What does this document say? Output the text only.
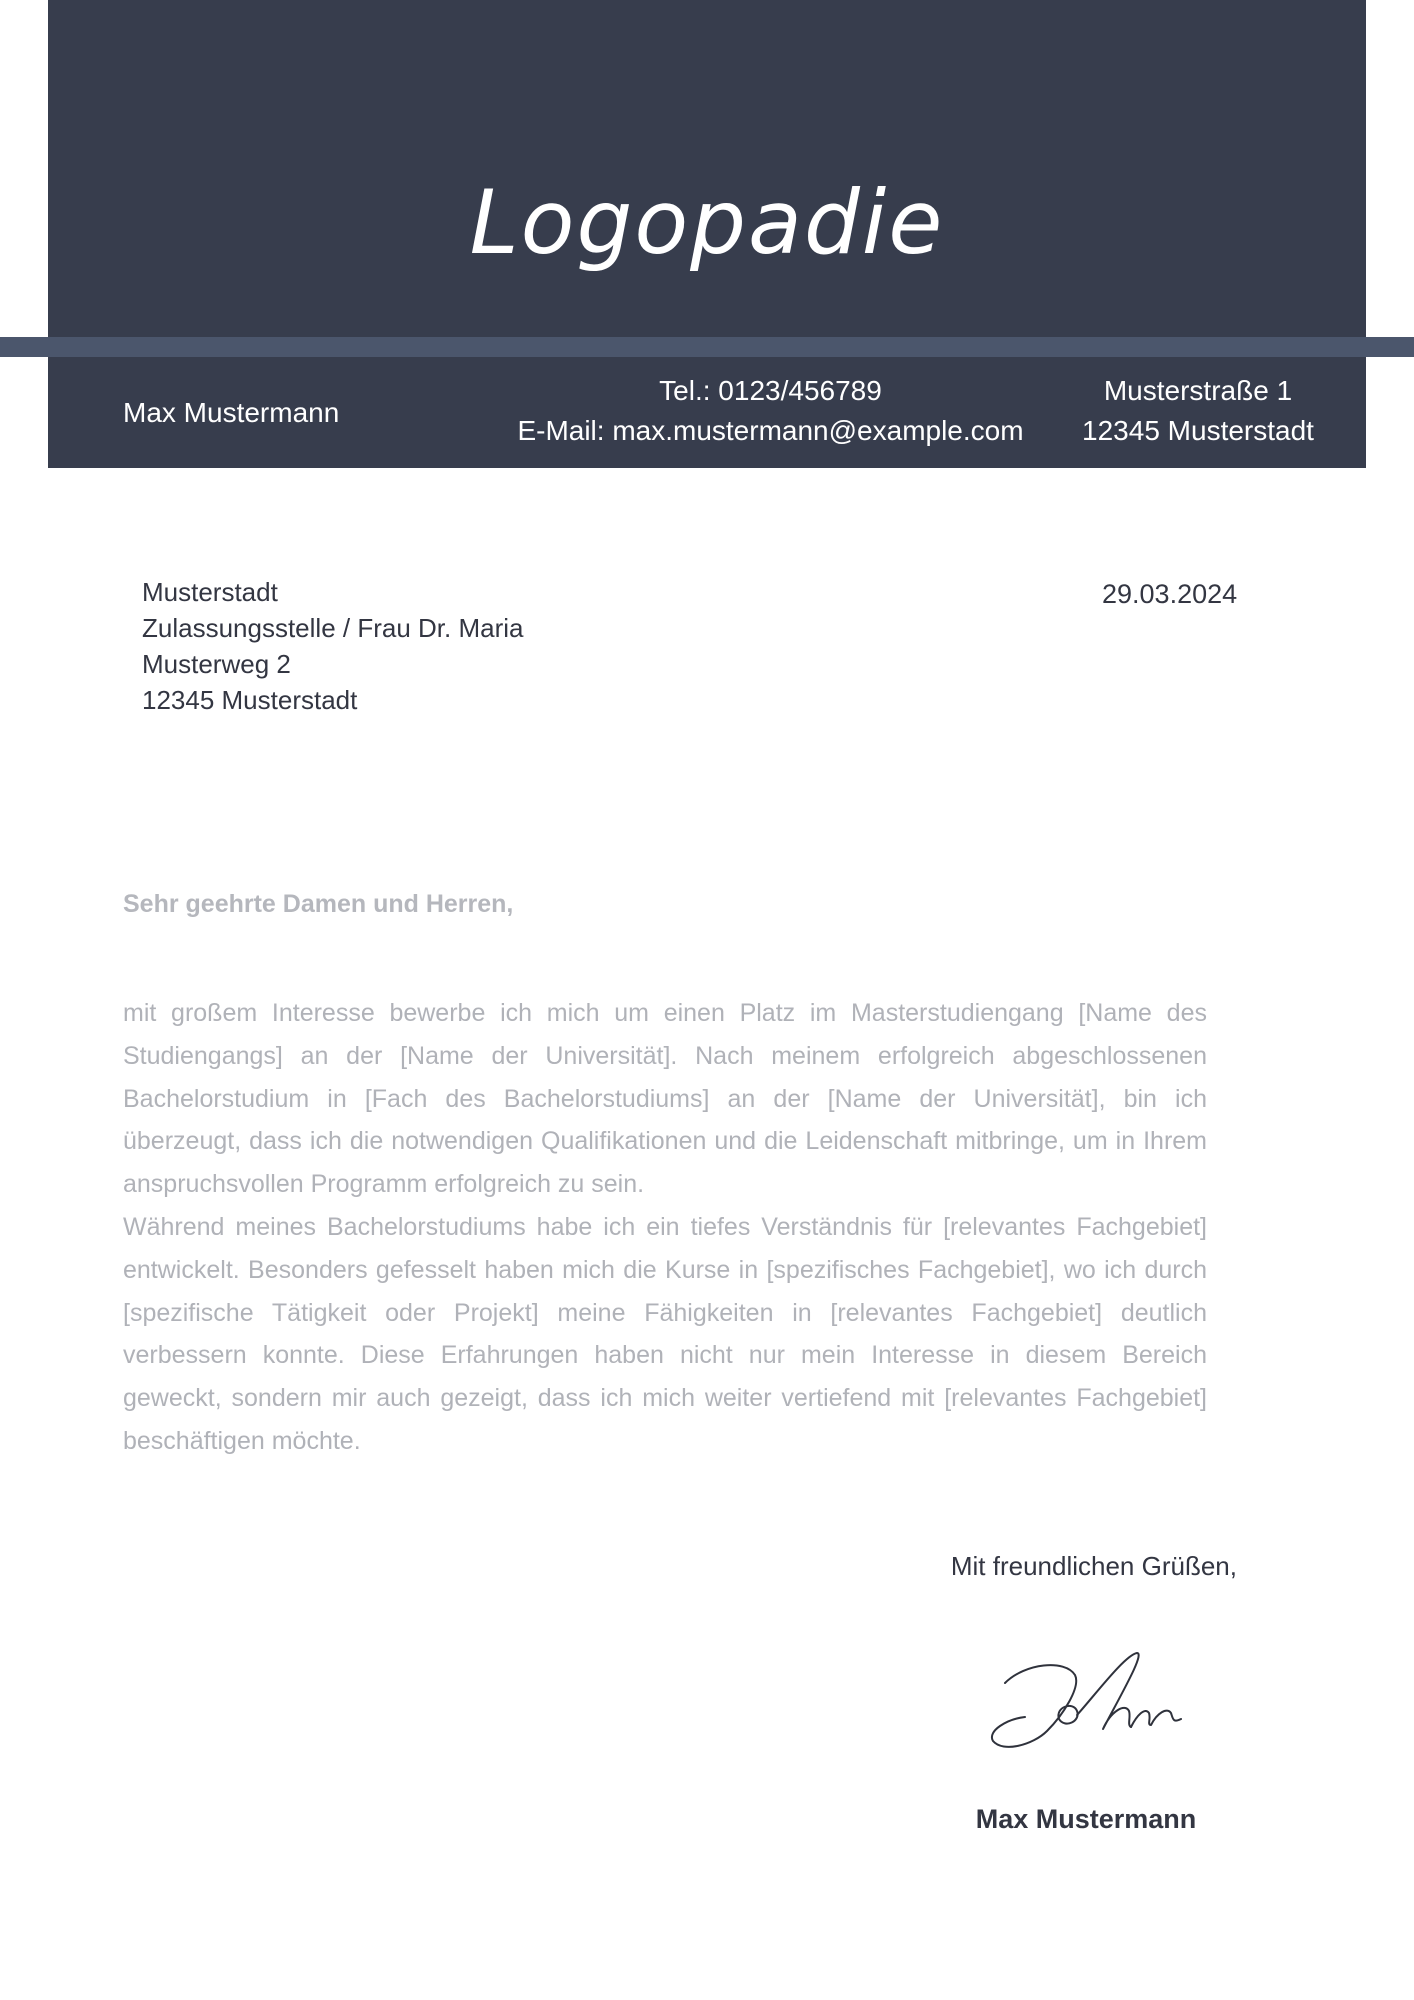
Logopadie
Max Mustermann
Tel.: 0123/456789
E-Mail: max.mustermann@example.com
Musterstraße 1
12345 Musterstadt
Musterstadt
Zulassungsstelle / Frau Dr. Maria
Musterweg 2
12345 Musterstadt
29.03.2024
Sehr geehrte Damen und Herren,

mit großem Interesse bewerbe ich mich um einen Platz im Masterstudiengang [Name des Studiengangs] an der [Name der Universität]. Nach meinem erfolgreich abgeschlossenen Bachelorstudium in [Fach des Bachelorstudiums] an der [Name der Universität], bin ich überzeugt, dass ich die notwendigen Qualifikationen und die Leidenschaft mitbringe, um in Ihrem anspruchsvollen Programm erfolgreich zu sein.

Während meines Bachelorstudiums habe ich ein tiefes Verständnis für [relevantes Fachgebiet] entwickelt. Besonders gefesselt haben mich die Kurse in [spezifisches Fachgebiet], wo ich durch [spezifische Tätigkeit oder Projekt] meine Fähigkeiten in [relevantes Fachgebiet] deutlich verbessern konnte. Diese Erfahrungen haben nicht nur mein Interesse in diesem Bereich geweckt, sondern mir auch gezeigt, dass ich mich weiter vertiefend mit [relevantes Fachgebiet] beschäftigen möchte.

Mit freundlichen Grüßen,
Max Mustermann
